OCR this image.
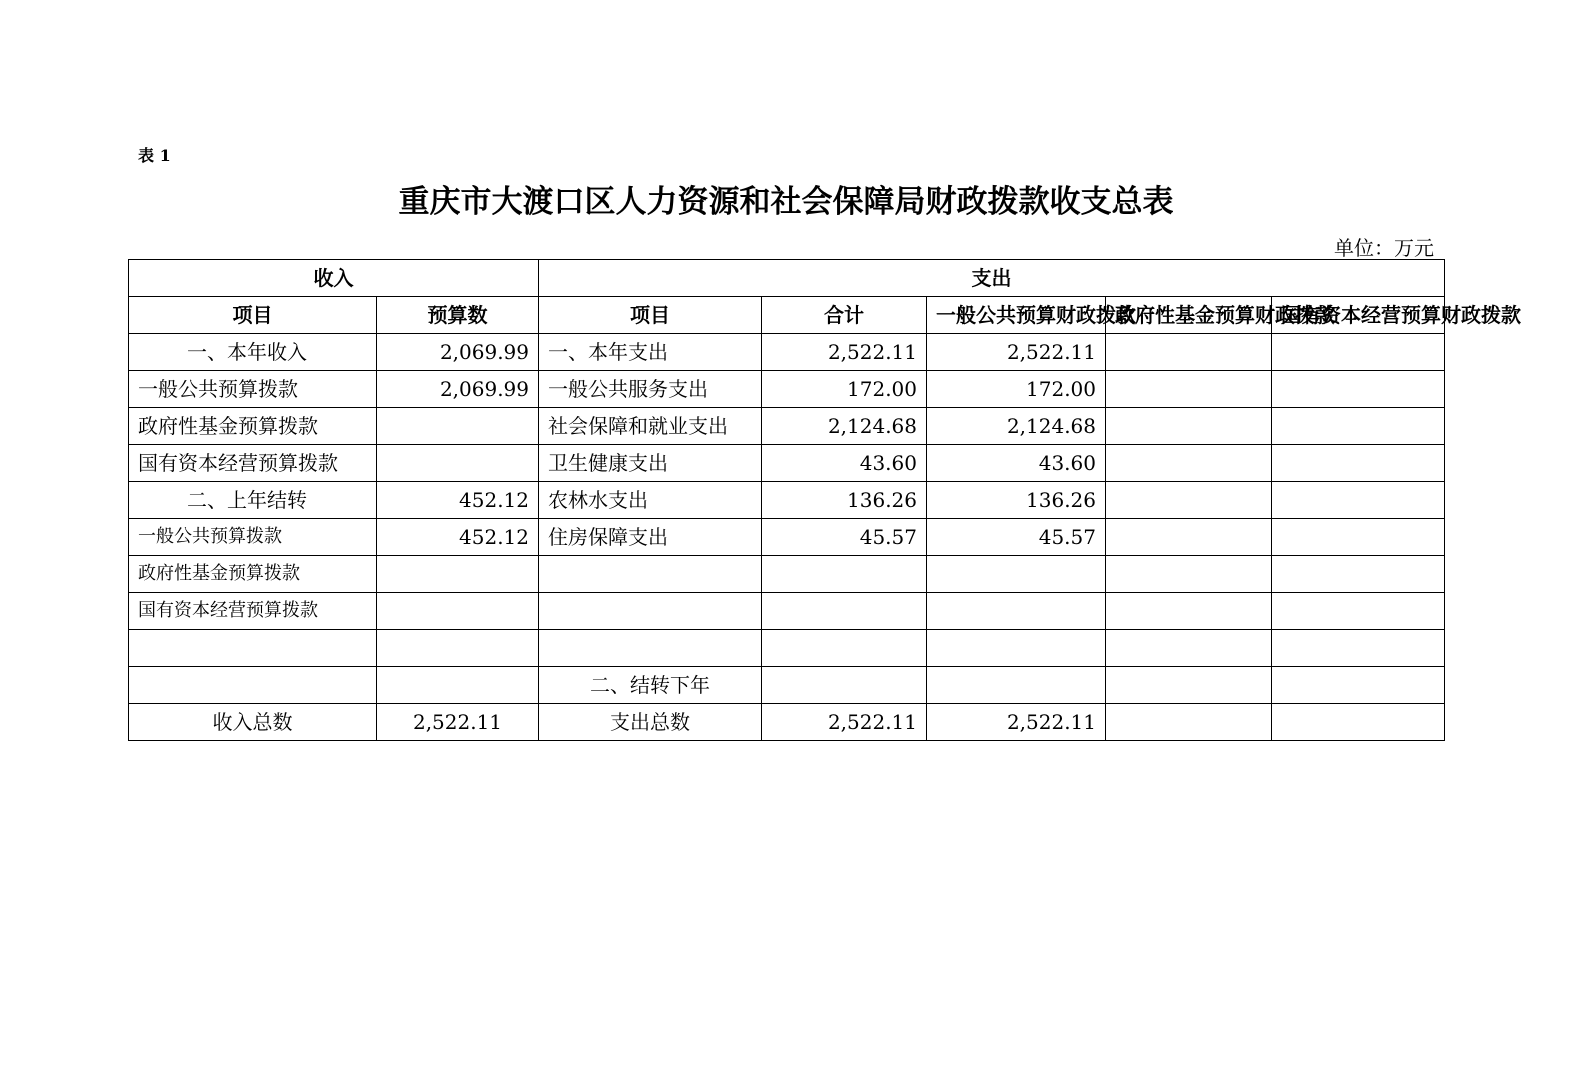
表 1
重庆市大渡口区人力资源和社会保障局财政拨款收支总表
单位：万元
收入		支出				
项目	预算数	项目	合计	一般公共预算财政拨款	政府性基金预算财政拨款	国有资本经营预算财政拨款
一、本年收入	2,069.99	一、本年支出	2,522.11	2,522.11		
一般公共预算拨款	2,069.99	一般公共服务支出	172.00	172.00		
政府性基金预算拨款		社会保障和就业支出	2,124.68	2,124.68		
国有资本经营预算拨款		卫生健康支出	43.60	43.60		
二、上年结转	452.12	农林水支出	136.26	136.26		
一般公共预算拨款	452.12	住房保障支出	45.57	45.57		
政府性基金预算拨款						
国有资本经营预算拨款						

		二、结转下年				
收入总数	2,522.11	支出总数	2,522.11	2,522.11		
